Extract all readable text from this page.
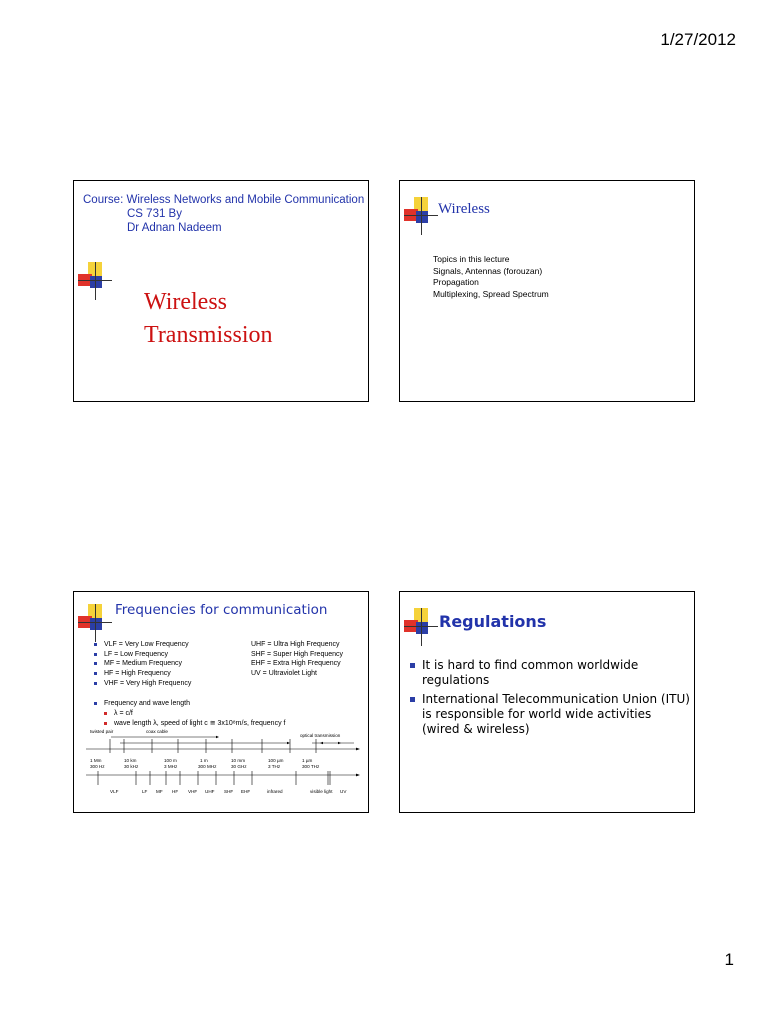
1/27/2012
Course: Wireless Networks and Mobile Communication
CS 731 By
Dr Adnan Nadeem
Wireless
Transmission
Wireless
Topics in this lecture
Signals, Antennas (forouzan)
Propagation
Multiplexing, Spread Spectrum
Frequencies for communication
VLF = Very Low Frequency
LF = Low Frequency
MF = Medium Frequency
HF = High Frequency
VHF = Very High Frequency
UHF = Ultra High Frequency
SHF = Super High Frequency
EHF = Extra High Frequency
UV = Ultraviolet Light
Frequency and wave length
λ = c/f
wave length λ, speed of light c ≅ 3x10⁸m/s, frequency f
twisted pair	coax cable
optical transmission
1 Mm	10 km	100 m	1 m	10 mm	100 µm	1 µm
300 Hz	30 kHz	3 MHz	300 MHz	30 GHz	3 THz	300 THz
VLF	LF MF HF VHF UHF SHF EHF	infrared	visible light UV
Regulations
It is hard to find common worldwide regulations
International Telecommunication Union (ITU) is responsible for world wide activities (wired & wireless)
1
